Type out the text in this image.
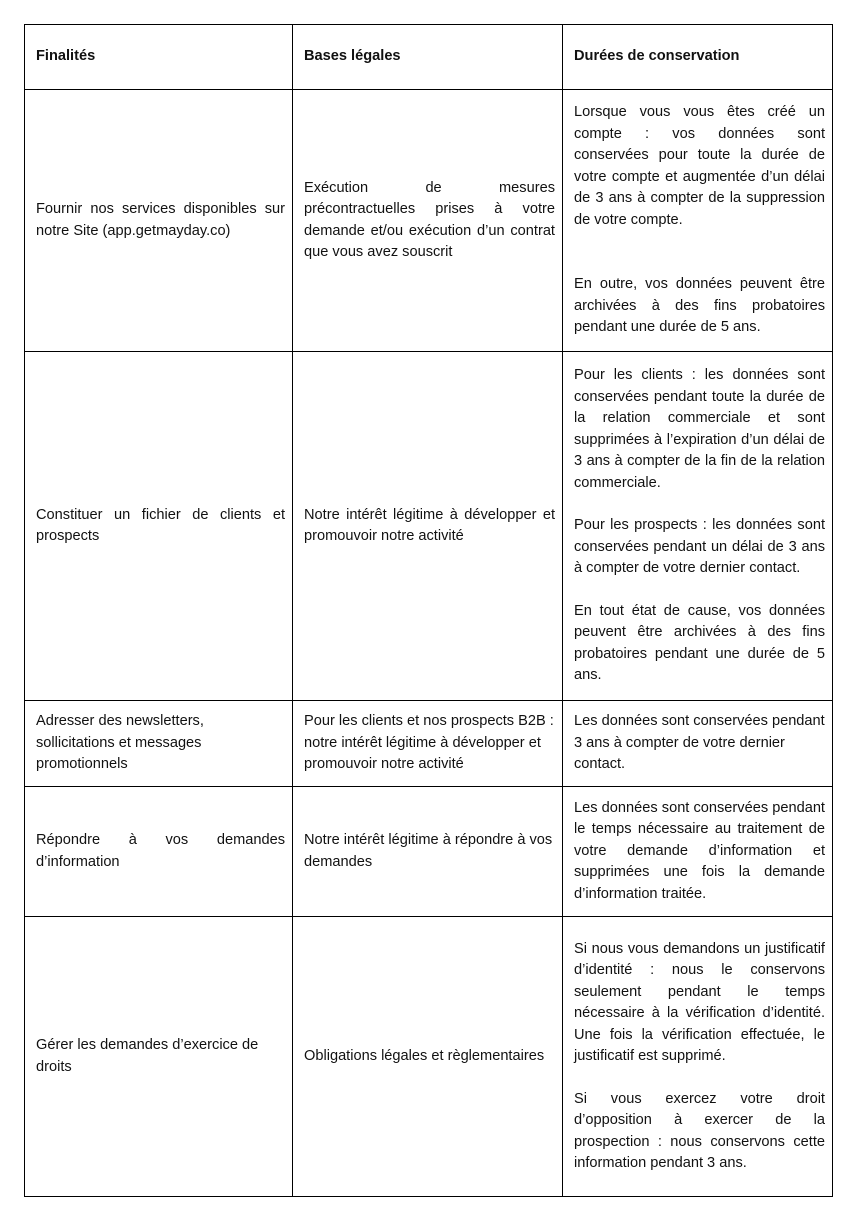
Finalités	Bases légales	Durées de conservation
Fournir nos services disponibles sur notre Site (app.getmayday.co)	Exécution de mesures précontractuelles prises à votre demande et/ou exécution d’un contrat que vous avez souscrit	Lorsque vous vous êtes créé un compte : vos données sont conservées pour toute la durée de votre compte et augmentée d’un délai de 3 ans à compter de la suppression de votre compte.

En outre, vos données peuvent être archivées à des fins probatoires pendant une durée de 5 ans.

Constituer un fichier de clients et prospects	Notre intérêt légitime à développer et promouvoir notre activité	Pour les clients : les données sont conservées pendant toute la durée de la relation commerciale et sont supprimées à l’expiration d’un délai de 3 ans à compter de la fin de la relation commerciale.

Pour les prospects : les données sont conservées pendant un délai de 3 ans à compter de votre dernier contact.

En tout état de cause, vos données peuvent être archivées à des fins probatoires pendant une durée de 5 ans.

Adresser des newsletters, sollicitations et messages promotionnels	Pour les clients et nos prospects B2B : notre intérêt légitime à développer et promouvoir notre activité	Les données sont conservées pendant 3 ans à compter de votre dernier contact.

Répondre à vos demandes d’information	Notre intérêt légitime à répondre à vos demandes	Les données sont conservées pendant le temps nécessaire au traitement de votre demande d’information et supprimées une fois la demande d’information traitée.

Gérer les demandes d’exercice de droits	Obligations légales et règlementaires	Si nous vous demandons un justificatif d’identité : nous le conservons seulement pendant le temps nécessaire à la vérification d’identité. Une fois la vérification effectuée, le justificatif est supprimé.

Si vous exercez votre droit d’opposition à exercer de la prospection : nous conservons cette information pendant 3 ans.
